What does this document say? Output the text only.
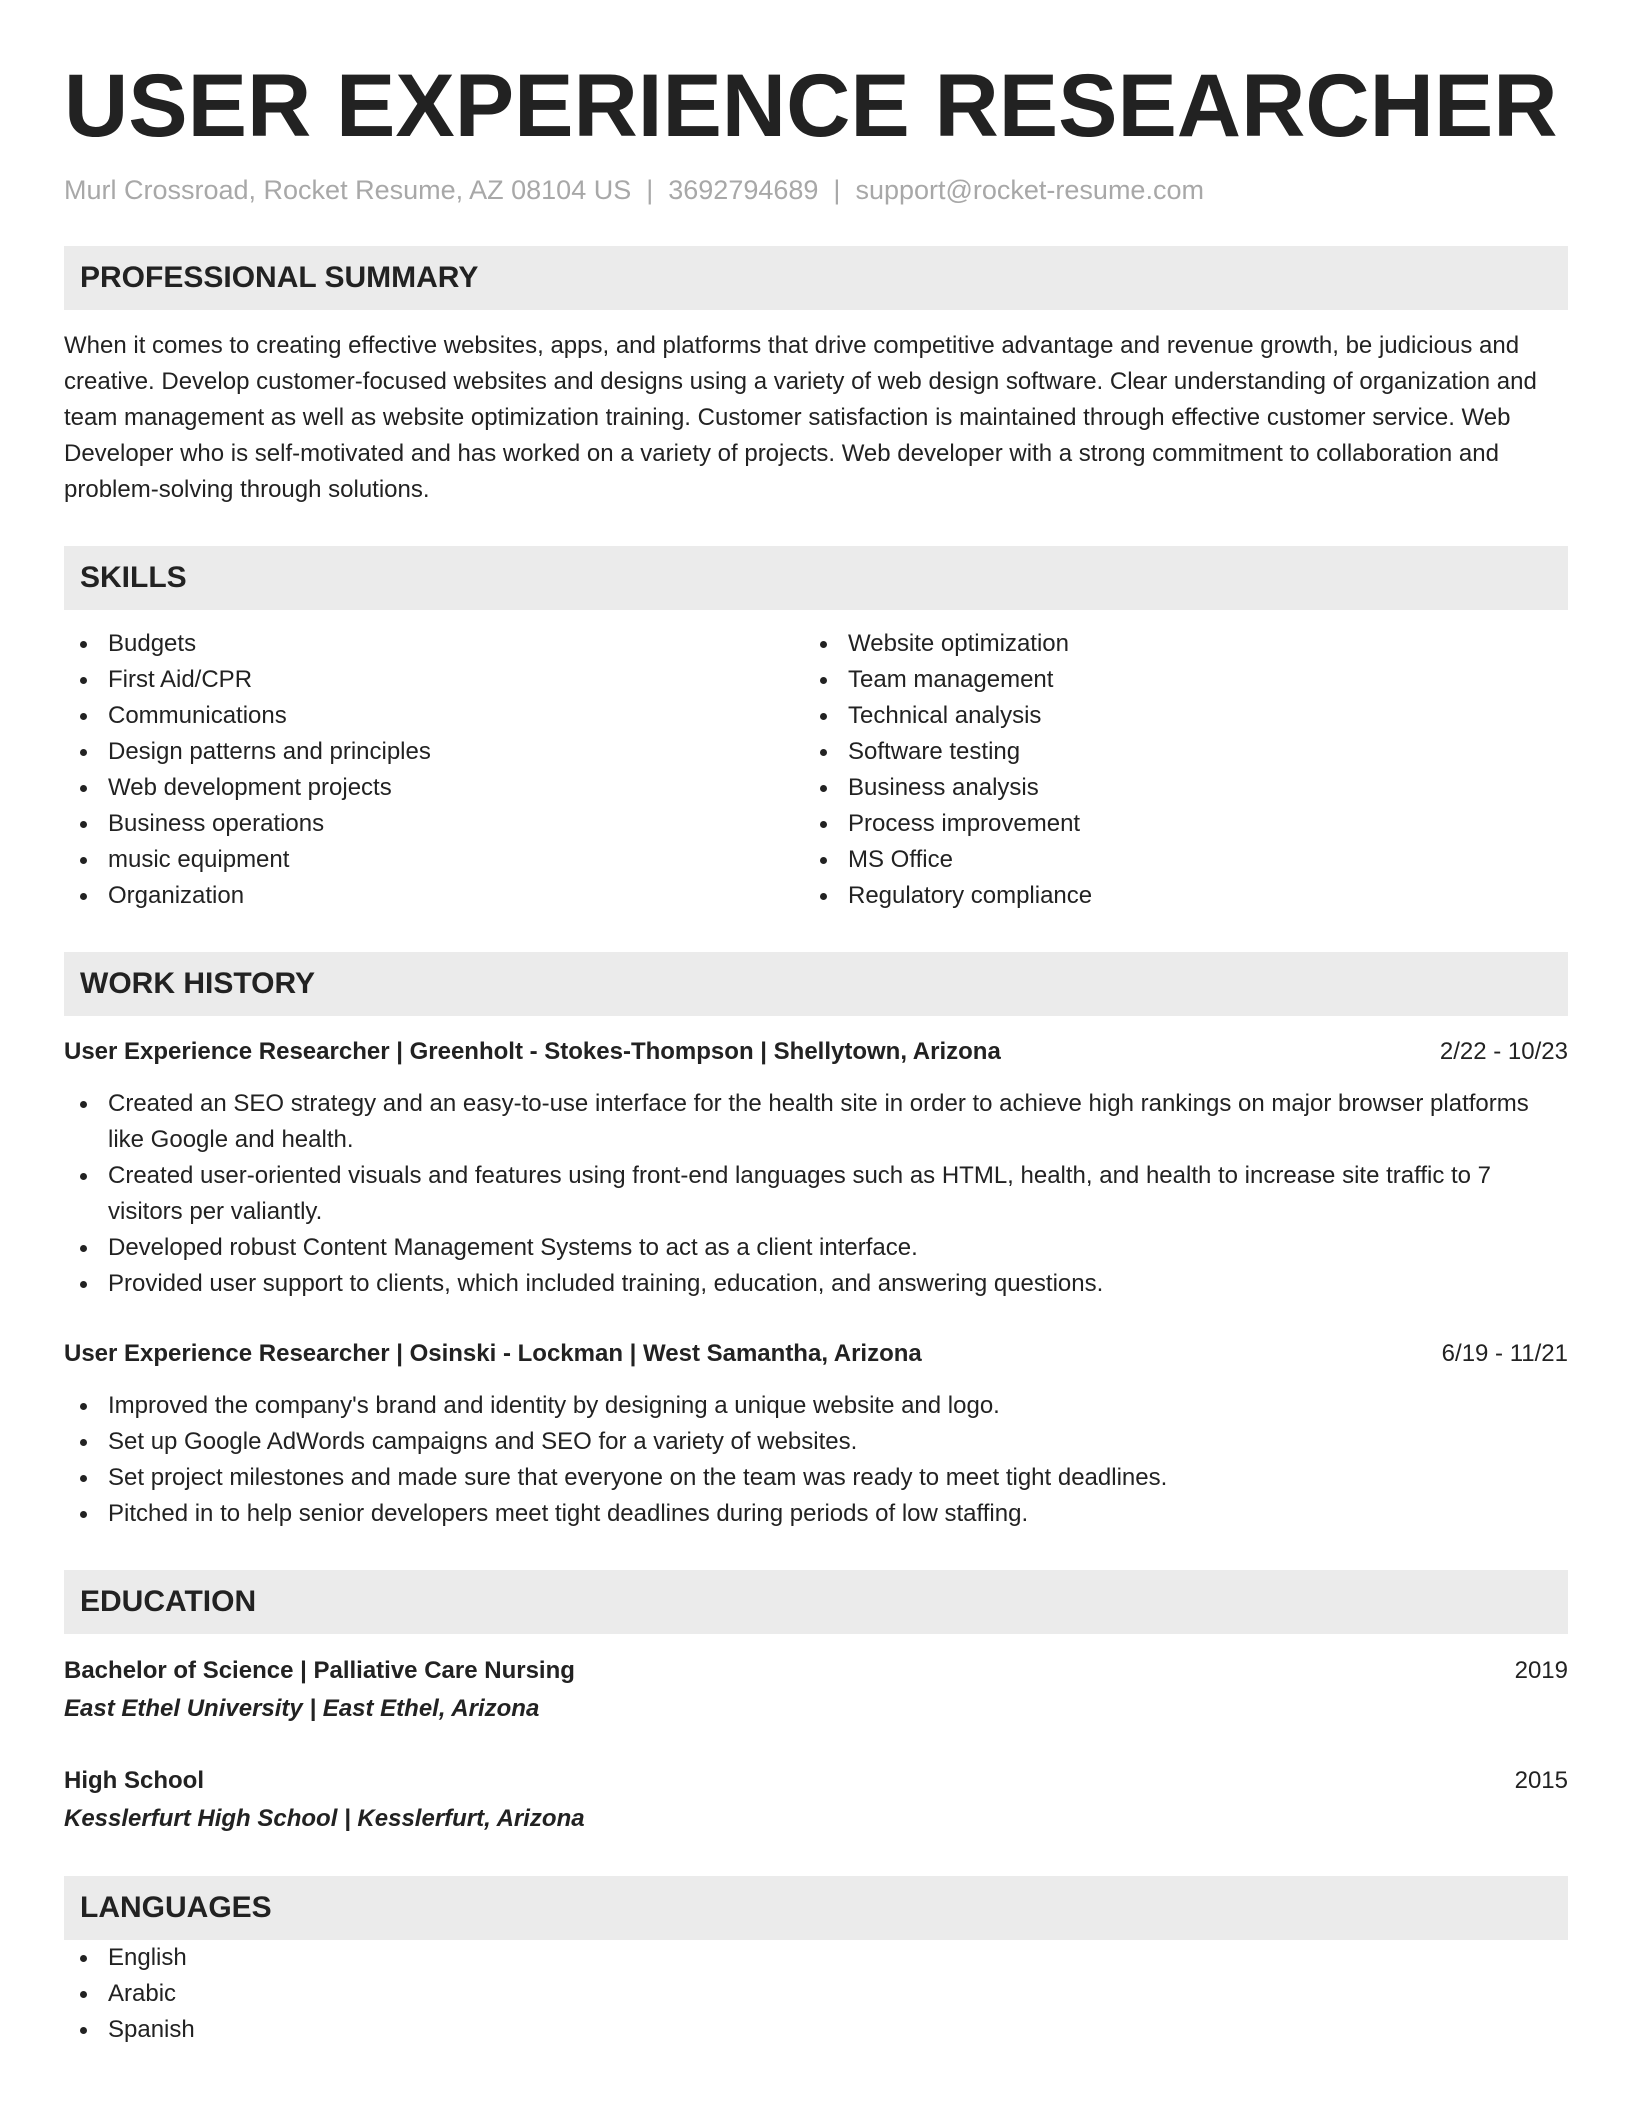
USER EXPERIENCE RESEARCHER
Murl Crossroad, Rocket Resume, AZ 08104 US | 3692794689 | support@rocket-resume.com
PROFESSIONAL SUMMARY
When it comes to creating effective websites, apps, and platforms that drive competitive advantage and revenue growth, be judicious and creative. Develop customer-focused websites and designs using a variety of web design software. Clear understanding of organization and team management as well as website optimization training. Customer satisfaction is maintained through effective customer service. Web Developer who is self-motivated and has worked on a variety of projects. Web developer with a strong commitment to collaboration and problem-solving through solutions.
SKILLS
Budgets
First Aid/CPR
Communications
Design patterns and principles
Web development projects
Business operations
music equipment
Organization
Website optimization
Team management
Technical analysis
Software testing
Business analysis
Process improvement
MS Office
Regulatory compliance
WORK HISTORY
User Experience Researcher | Greenholt - Stokes-Thompson | Shellytown, Arizona	2/22 - 10/23
Created an SEO strategy and an easy-to-use interface for the health site in order to achieve high rankings on major browser platforms like Google and health.
Created user-oriented visuals and features using front-end languages such as HTML, health, and health to increase site traffic to 7 visitors per valiantly.
Developed robust Content Management Systems to act as a client interface.
Provided user support to clients, which included training, education, and answering questions.
User Experience Researcher | Osinski - Lockman | West Samantha, Arizona	6/19 - 11/21
Improved the company's brand and identity by designing a unique website and logo.
Set up Google AdWords campaigns and SEO for a variety of websites.
Set project milestones and made sure that everyone on the team was ready to meet tight deadlines.
Pitched in to help senior developers meet tight deadlines during periods of low staffing.
EDUCATION
Bachelor of Science | Palliative Care Nursing	2019
East Ethel University | East Ethel, Arizona
High School	2015
Kesslerfurt High School | Kesslerfurt, Arizona
LANGUAGES
English
Arabic
Spanish
